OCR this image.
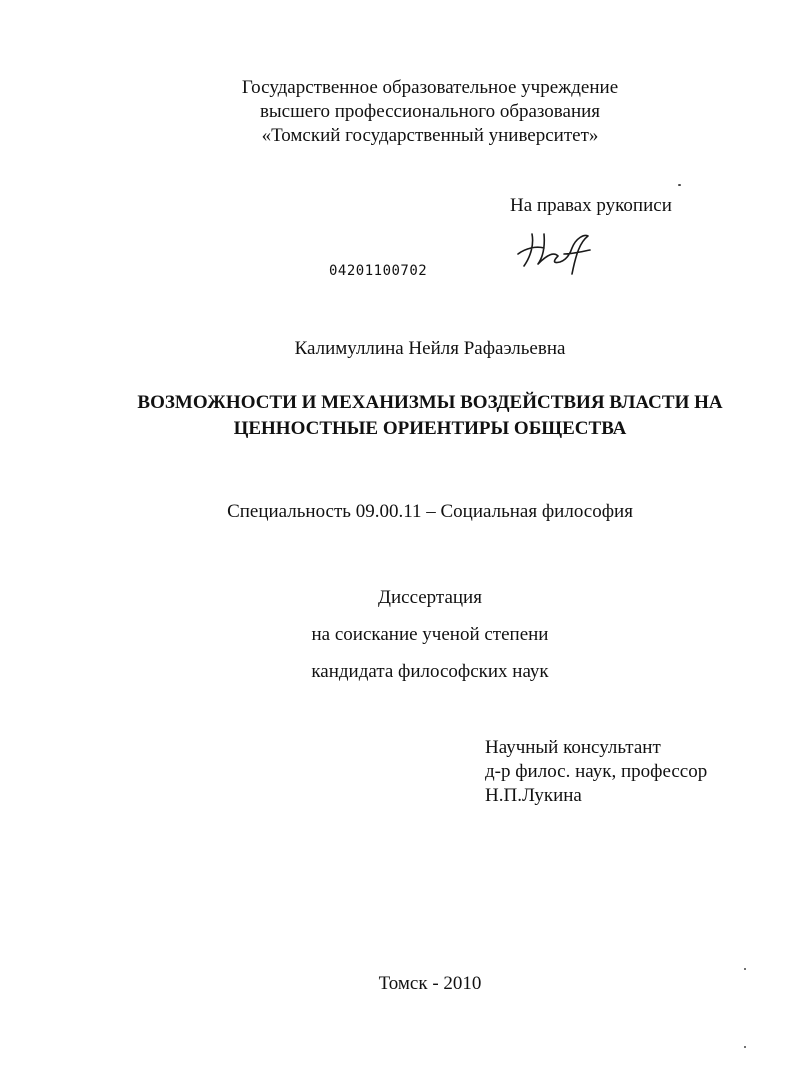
Государственное образовательное учреждение
высшего профессионального образования
«Томский государственный университет»
На правах рукописи
04201100702
Калимуллина Нейля Рафаэльевна
ВОЗМОЖНОСТИ И МЕХАНИЗМЫ ВОЗДЕЙСТВИЯ ВЛАСТИ НА
ЦЕННОСТНЫЕ ОРИЕНТИРЫ ОБЩЕСТВА
Специальность 09.00.11 – Социальная философия
Диссертация
на соискание ученой степени
кандидата философских наук
Научный консультант
д-р филос. наук, профессор
Н.П.Лукина
Томск - 2010
